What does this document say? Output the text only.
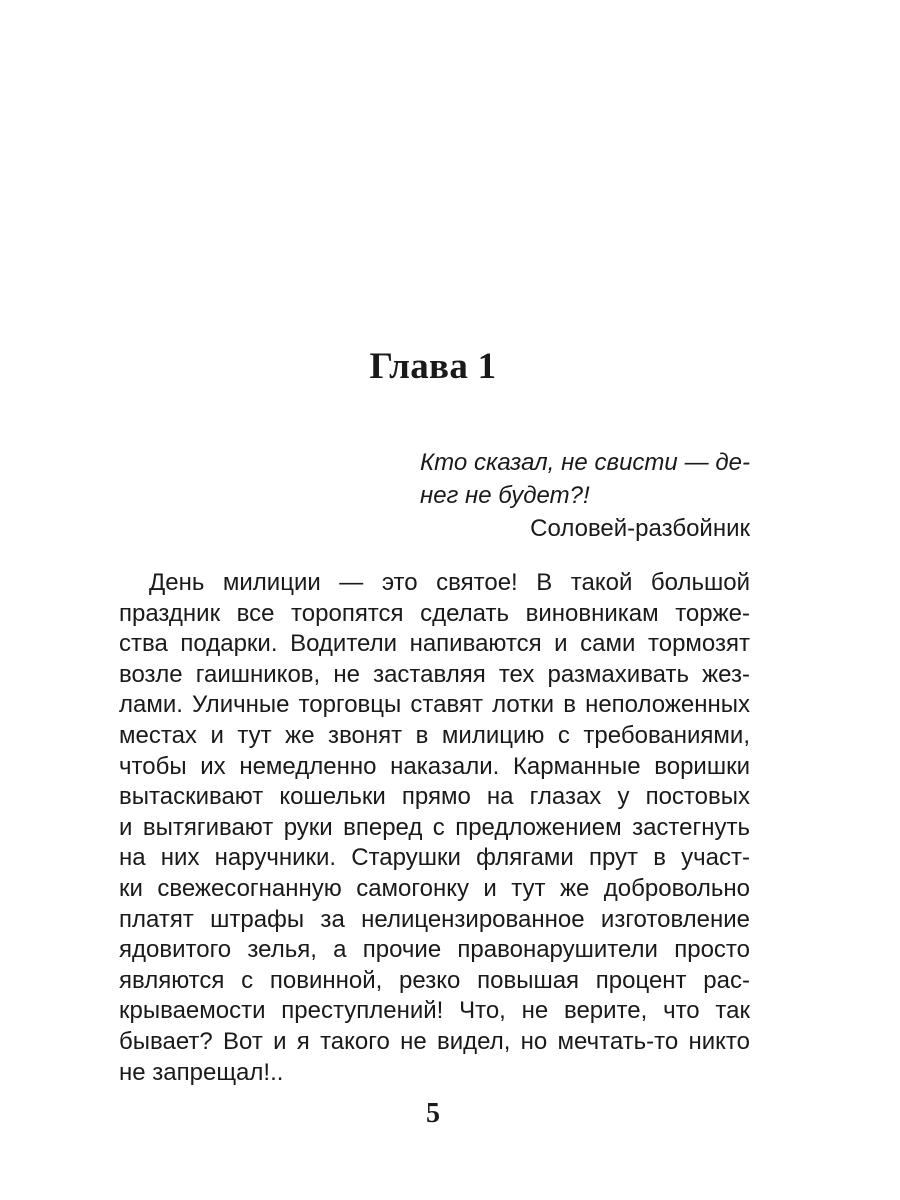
Глава 1
Кто сказал, не свисти — де-
нег не будет?!
Соловей-разбойник
День милиции — это святое! В такой большой
праздник все торопятся сделать виновникам торже-
ства подарки. Водители напиваются и сами тормозят
возле гаишников, не заставляя тех размахивать жез-
лами. Уличные торговцы ставят лотки в неположенных
местах и тут же звонят в милицию с требованиями,
чтобы их немедленно наказали. Карманные воришки
вытаскивают кошельки прямо на глазах у постовых
и вытягивают руки вперед с предложением застегнуть
на них наручники. Старушки флягами прут в участ-
ки свежесогнанную самогонку и тут же добровольно
платят штрафы за нелицензированное изготовление
ядовитого зелья, а прочие правонарушители просто
являются с повинной, резко повышая процент рас-
крываемости преступлений! Что, не верите, что так
бывает? Вот и я такого не видел, но мечтать-то никто
не запрещал!..
5
